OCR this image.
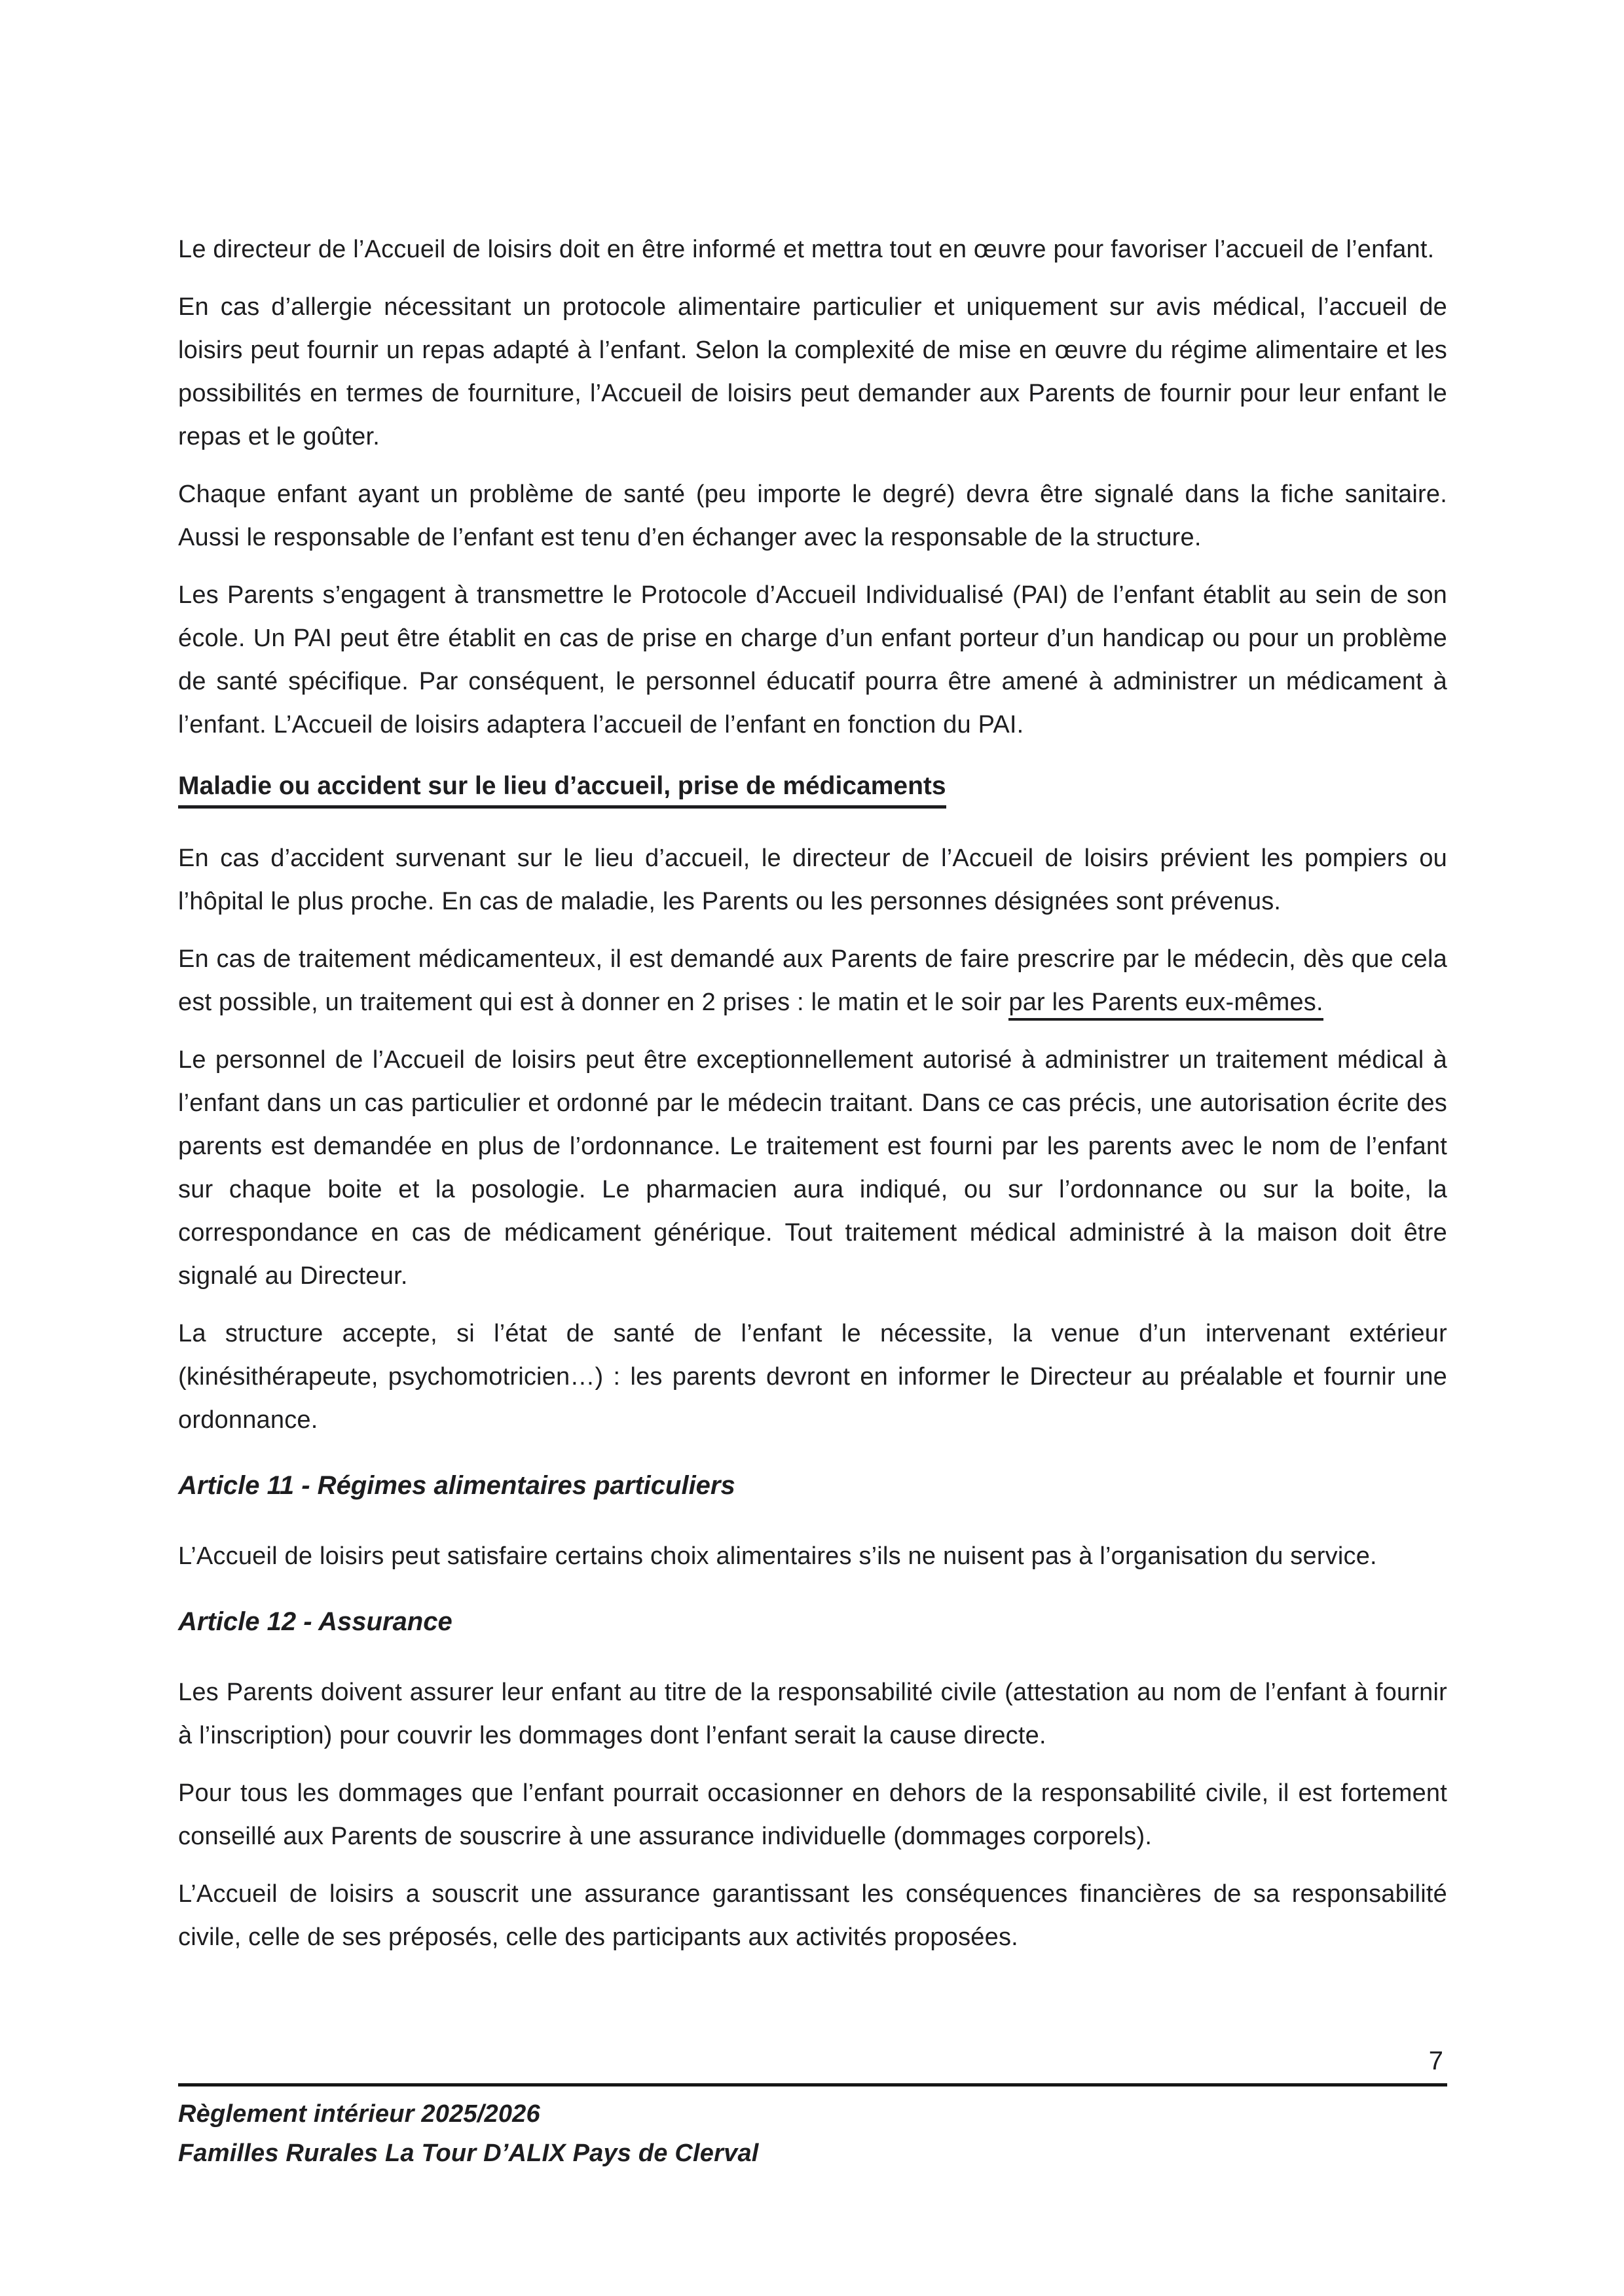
Le directeur de l’Accueil de loisirs doit en être informé et mettra tout en œuvre pour favoriser l’accueil de l’enfant.

En cas d’allergie nécessitant un protocole alimentaire particulier et uniquement sur avis médical, l’accueil de loisirs peut fournir un repas adapté à l’enfant. Selon la complexité de mise en œuvre du régime alimentaire et les possibilités en termes de fourniture, l’Accueil de loisirs peut demander aux Parents de fournir pour leur enfant le repas et le goûter.

Chaque enfant ayant un problème de santé (peu importe le degré) devra être signalé dans la fiche sanitaire. Aussi le responsable de l’enfant est tenu d’en échanger avec la responsable de la structure.

Les Parents s’engagent à transmettre le Protocole d’Accueil Individualisé (PAI) de l’enfant établit au sein de son école. Un PAI peut être établit en cas de prise en charge d’un enfant porteur d’un handicap ou pour un problème de santé spécifique. Par conséquent, le personnel éducatif pourra être amené à administrer un médicament à l’enfant. L’Accueil de loisirs adaptera l’accueil de l’enfant en fonction du PAI.

Maladie ou accident sur le lieu d’accueil, prise de médicaments

En cas d’accident survenant sur le lieu d’accueil, le directeur de l’Accueil de loisirs prévient les pompiers ou l’hôpital le plus proche. En cas de maladie, les Parents ou les personnes désignées sont prévenus.

En cas de traitement médicamenteux, il est demandé aux Parents de faire prescrire par le médecin, dès que cela est possible, un traitement qui est à donner en 2 prises : le matin et le soir par les Parents eux-mêmes.

Le personnel de l’Accueil de loisirs peut être exceptionnellement autorisé à administrer un traitement médical à l’enfant dans un cas particulier et ordonné par le médecin traitant. Dans ce cas précis, une autorisation écrite des parents est demandée en plus de l’ordonnance. Le traitement est fourni par les parents avec le nom de l’enfant sur chaque boite et la posologie. Le pharmacien aura indiqué, ou sur l’ordonnance ou sur la boite, la correspondance en cas de médicament générique. Tout traitement médical administré à la maison doit être signalé au Directeur.

La structure accepte, si l’état de santé de l’enfant le nécessite, la venue d’un intervenant extérieur (kinésithérapeute, psychomotricien…) : les parents devront en informer le Directeur au préalable et fournir une ordonnance.

Article 11 - Régimes alimentaires particuliers

L’Accueil de loisirs peut satisfaire certains choix alimentaires s’ils ne nuisent pas à l’organisation du service.

Article 12 - Assurance

Les Parents doivent assurer leur enfant au titre de la responsabilité civile (attestation au nom de l’enfant à fournir à l’inscription) pour couvrir les dommages dont l’enfant serait la cause directe.

Pour tous les dommages que l’enfant pourrait occasionner en dehors de la responsabilité civile, il est fortement conseillé aux Parents de souscrire à une assurance individuelle (dommages corporels).

L’Accueil de loisirs a souscrit une assurance garantissant les conséquences financières de sa responsabilité civile, celle de ses préposés, celle des participants aux activités proposées.

7
Règlement intérieur 2025/2026
Familles Rurales La Tour D’ALIX Pays de Clerval
